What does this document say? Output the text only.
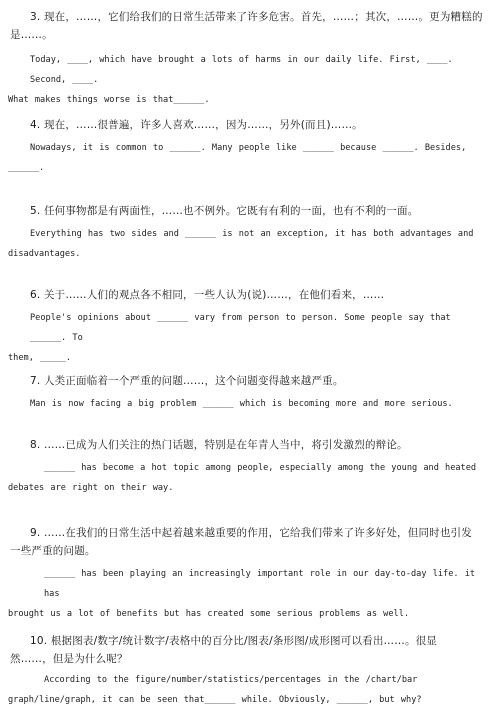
3. 现在，……，它们给我们的日常生活带来了许多危害。首先，……；其次，……。更为糟糕的
是……。
Today, ____, which have brought a lots of harms in our daily life. First, ____. Second, ____.
What makes things worse is that______.
4. 现在，……很普遍，许多人喜欢……，因为……，另外(而且)……。
Nowadays, it is common to ______. Many people like ______ because ______. Besides,
______.
5. 任何事物都是有两面性，……也不例外。它既有有利的一面，也有不利的一面。
Everything has two sides and ______ is not an exception, it has both advantages and
disadvantages.
6. 关于……人们的观点各不相同，一些人认为(说)……，在他们看来，……
People's opinions about ______ vary from person to person. Some people say that ______. To
them, _____.
7. 人类正面临着一个严重的问题……，这个问题变得越来越严重。
Man is now facing a big problem ______ which is becoming more and more serious.
8. ……已成为人们关注的热门话题，特别是在年青人当中，将引发激烈的辩论。
______ has become a hot topic among people, especially among the young and heated
debates are right on their way.
9. ……在我们的日常生活中起着越来越重要的作用，它给我们带来了许多好处，但同时也引发
一些严重的问题。
______ has been playing an increasingly important role in our day-to-day life. it has
brought us a lot of benefits but has created some serious problems as well.
10. 根据图表/数字/统计数字/表格中的百分比/图表/条形图/成形图可以看出……。很显
然……，但是为什么呢？
According to the figure/number/statistics/percentages in the /chart/bar
graph/line/graph, it can be seen that______ while. Obviously, ______, but why?
